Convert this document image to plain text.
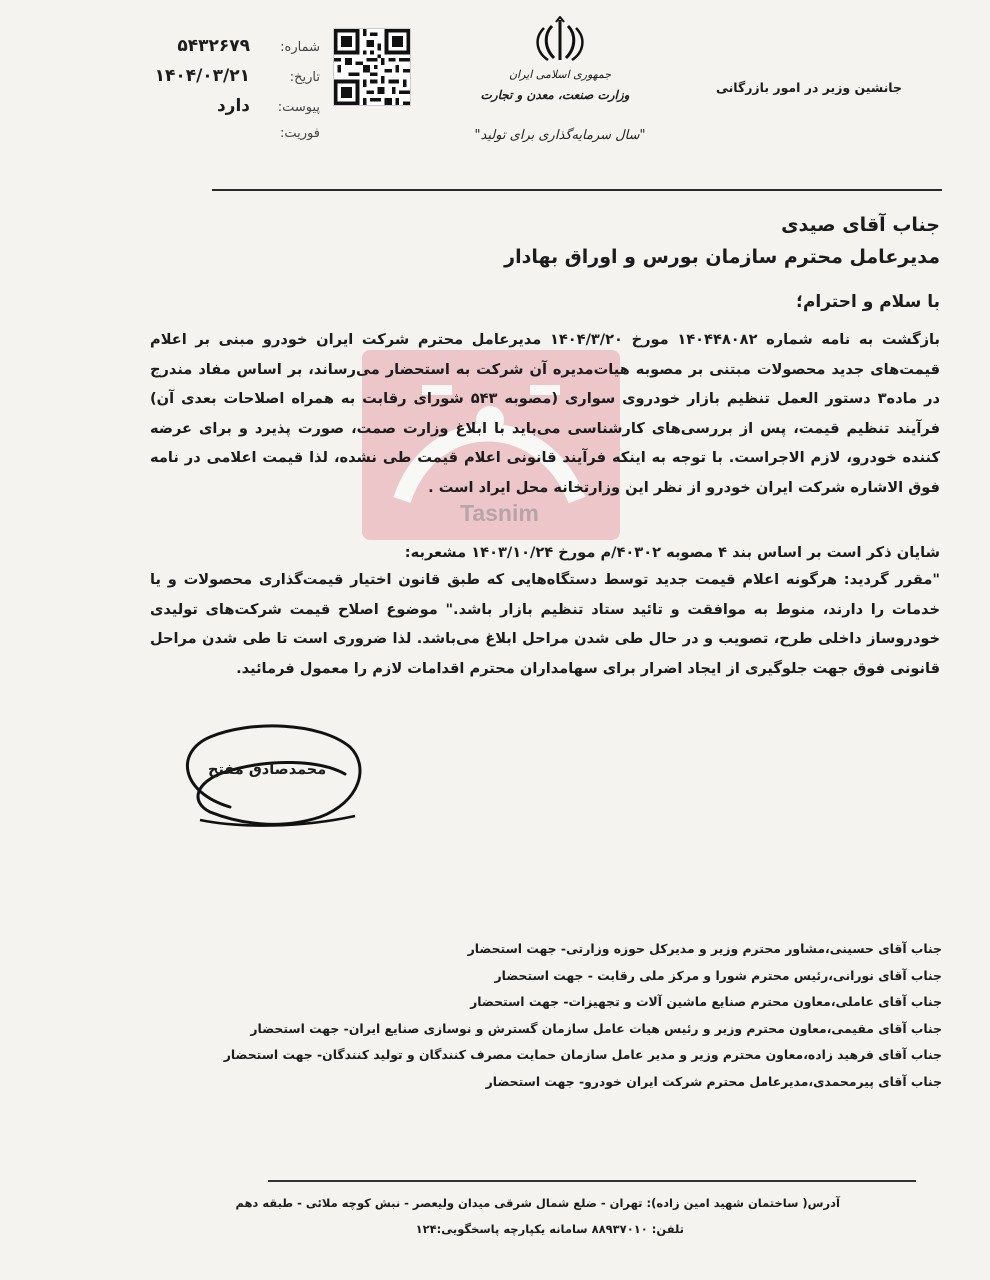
شماره:
۵۴۳۲۶۷۹
تاریخ:
۱۴۰۴/۰۳/۲۱
پیوست:
دارد
فوریت:
جمهوری اسلامی ایران
وزارت صنعت، معدن و تجارت
"سال سرمایه‌گذاری برای تولید"
جانشین وزیر در امور بازرگانی
Tasnim
جناب آقای صیدی
مدیرعامل محترم سازمان بورس و اوراق بهادار
با سلام و احترام؛
بازگشت به نامه شماره ۱۴۰۴۴۸۰۸۲ مورخ ۱۴۰۴/۳/۲۰ مدیرعامل محترم شرکت ایران خودرو مبنی بر اعلام قیمت‌های جدید محصولات مبتنی بر مصوبه هیات‌مدیره آن شرکت به استحضار می‌رساند، بر اساس مفاد مندرج در ماده۳ دستور العمل تنظیم بازار خودروی سواری (مصوبه ۵۴۳ شورای رقابت به همراه اصلاحات بعدی آن) فرآیند تنظیم قیمت، پس از بررسی‌های کارشناسی می‌باید با ابلاغ وزارت صمت، صورت پذیرد و برای عرضه کننده خودرو، لازم الاجراست. با توجه به اینکه فرآیند قانونی اعلام قیمت طی نشده، لذا قیمت اعلامی در نامه فوق الاشاره شرکت ایران خودرو از نظر این وزارتخانه محل ایراد است .
شایان ذکر است بر اساس بند ۴ مصوبه ۴۰۳۰۲/م مورخ ۱۴۰۳/۱۰/۲۴ مشعربه:
"مقرر گردید: هرگونه اعلام قیمت جدید توسط دستگاه‌هایی که طبق قانون اختیار قیمت‌گذاری محصولات و یا خدمات را دارند، منوط به موافقت و تائید ستاد تنظیم بازار باشد." موضوع اصلاح قیمت شرکت‌های تولیدی خودروساز داخلی طرح، تصویب و در حال طی شدن مراحل ابلاغ می‌باشد. لذا ضروری است تا طی شدن مراحل قانونی فوق جهت جلوگیری از ایجاد اضرار برای سهامداران محترم اقدامات لازم را معمول فرمائید.
محمدصادق مفتح
جناب آقای حسینی،مشاور محترم وزیر و مدیرکل حوزه وزارتی- جهت استحضار
جناب آقای نورانی،رئیس محترم شورا و مرکز ملی رقابت - جهت استحضار
جناب آقای عاملی،معاون محترم صنایع ماشین آلات و تجهیزات- جهت استحضار
جناب آقای مقیمی،معاون محترم وزیر و رئیس هیات عامل سازمان گسترش و نوسازی صنایع ایران- جهت استحضار
جناب آقای فرهید زاده،معاون محترم وزیر و مدیر عامل سازمان حمایت مصرف کنندگان و تولید کنندگان- جهت استحضار
جناب آقای پیرمحمدی،مدیرعامل محترم شرکت ایران خودرو- جهت استحضار
آدرس( ساختمان شهید امین زاده): تهران - ضلع شمال شرقی میدان ولیعصر - نبش کوچه ملائی - طبقه دهم
تلفن: ۸۸۹۳۷۰۱۰ سامانه یکپارچه پاسخگویی:۱۲۴
